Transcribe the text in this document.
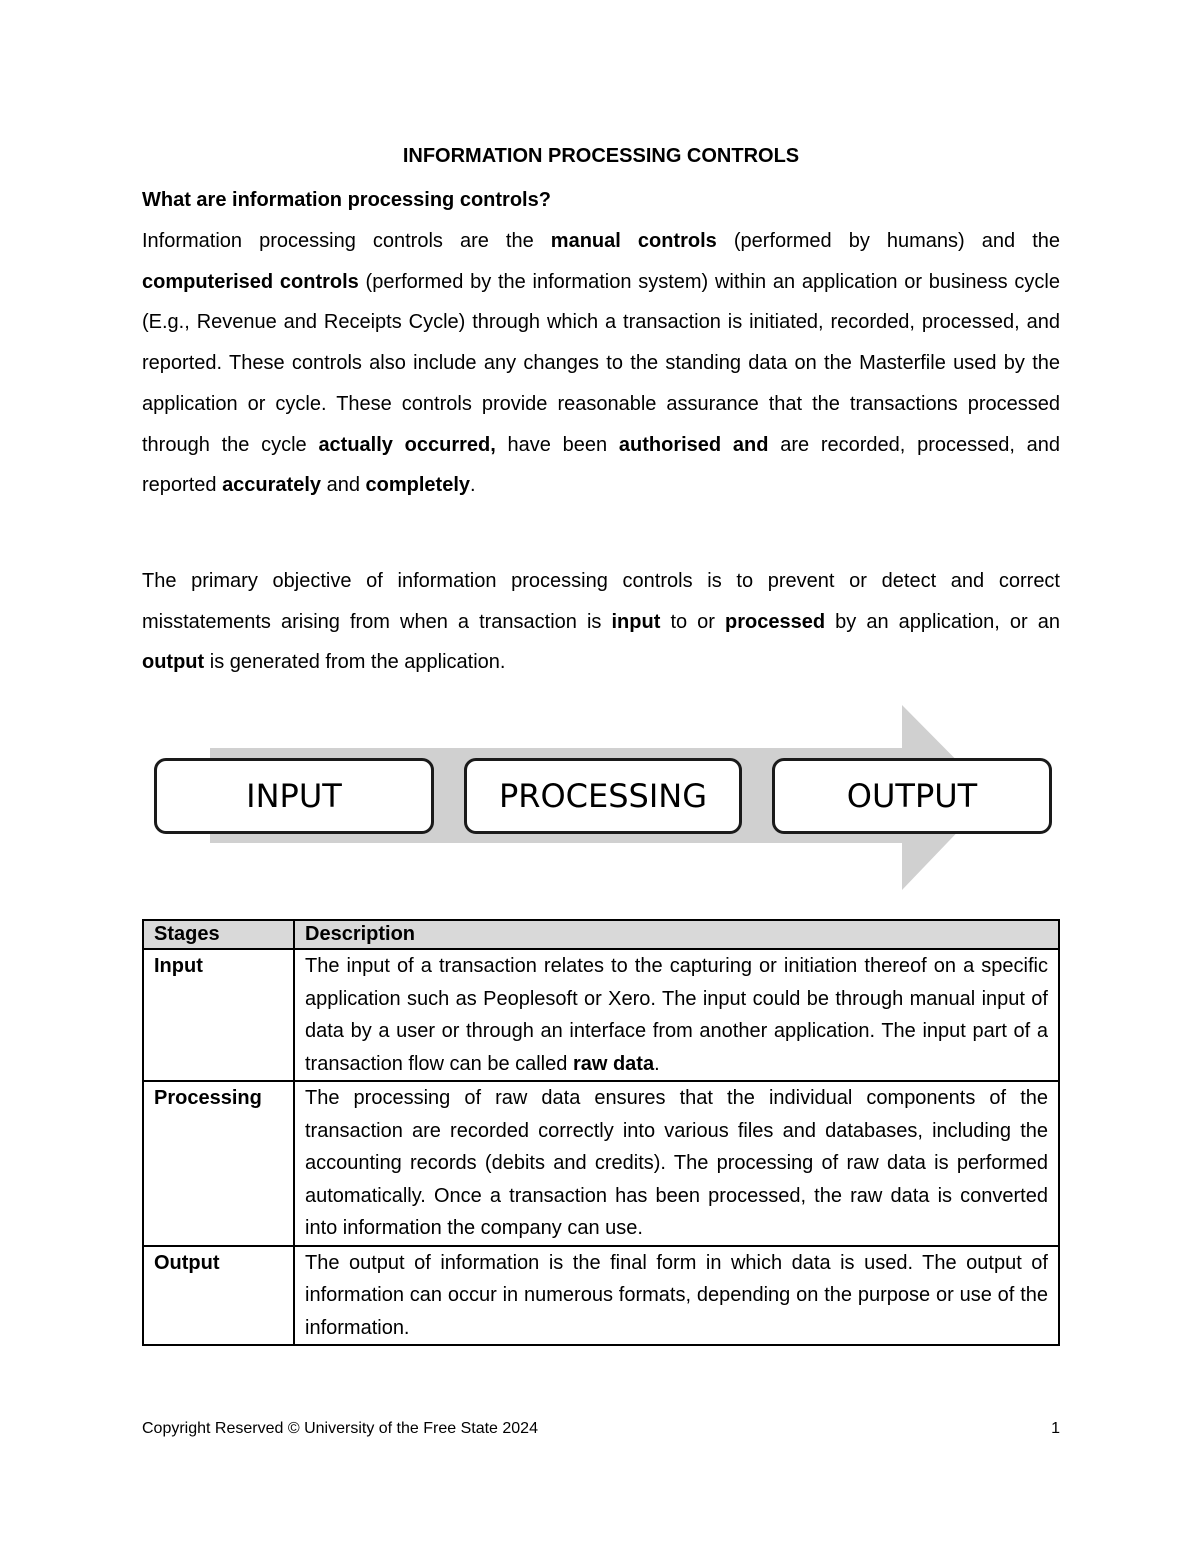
INFORMATION PROCESSING CONTROLS
What are information processing controls?

Information processing controls are the manual controls (performed by humans) and the computerised controls (performed by the information system) within an application or business cycle (E.g., Revenue and Receipts Cycle) through which a transaction is initiated, recorded, processed, and reported. These controls also include any changes to the standing data on the Masterfile used by the application or cycle. These controls provide reasonable assurance that the transactions processed through the cycle actually occurred, have been authorised and are recorded, processed, and reported accurately and completely.

The primary objective of information processing controls is to prevent or detect and correct misstatements arising from when a transaction is input to or processed by an application, or an output is generated from the application.

INPUT	PROCESSING	OUTPUT
Stages	Description
Input	The input of a transaction relates to the capturing or initiation thereof on a specific application such as Peoplesoft or Xero. The input could be through manual input of data by a user or through an interface from another application. The input part of a transaction flow can be called raw data.
Processing	The processing of raw data ensures that the individual components of the transaction are recorded correctly into various files and databases, including the accounting records (debits and credits). The processing of raw data is performed automatically. Once a transaction has been processed, the raw data is converted into information the company can use.
Output	The output of information is the final form in which data is used. The output of information can occur in numerous formats, depending on the purpose or use of the information.
Copyright Reserved © University of the Free State 2024	1
